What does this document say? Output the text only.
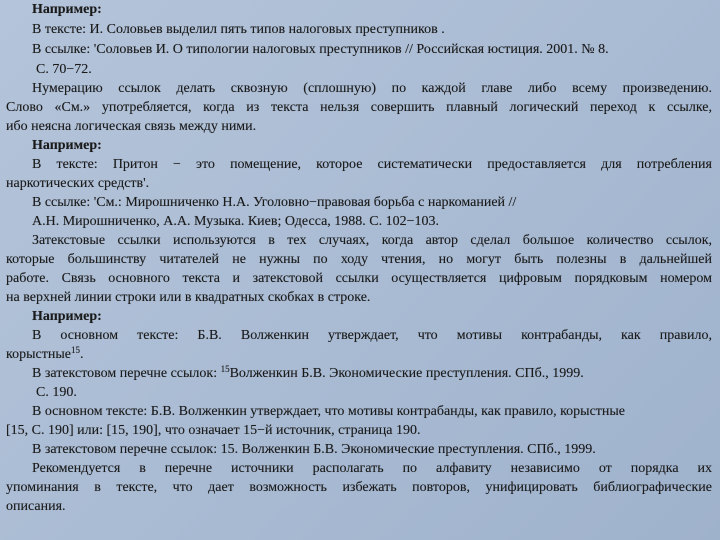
Например:
В тексте: И. Соловьев выделил пять типов налоговых преступников .
В ссылке: 'Соловьев И. О типологии налоговых преступников // Российская юстиция. 2001. № 8.
С. 70−72.
Нумерацию ссылок делать сквозную (сплошную) по каждой главе либо всему произведению.
Слово «См.» употребляется, когда из текста нельзя совершить плавный логический переход к ссылке,
ибо неясна логическая связь между ними.
Например:
В тексте: Притон − это помещение, которое систематически предоставляется для потребления
наркотических средств'.
В ссылке: 'См.: Мирошниченко Н.А. Уголовно−правовая борьба с наркоманией //
А.Н. Мирошниченко, А.А. Музыка. Киев; Одесса, 1988. С. 102−103.
Затекстовые ссылки используются в тех случаях, когда автор сделал большое количество ссылок,
которые большинству читателей не нужны по ходу чтения, но могут быть полезны в дальнейшей
работе. Связь основного текста и затекстовой ссылки осуществляется цифровым порядковым номером
на верхней линии строки или в квадратных скобках в строке.
Например:
В основном тексте: Б.В. Волженкин утверждает, что мотивы контрабанды, как правило,
корыстные$^{15}$.
В затекстовом перечне ссылок: $^{15}$Волженкин Б.В. Экономические преступления. СПб., 1999.
С. 190.
В основном тексте: Б.В. Волженкин утверждает, что мотивы контрабанды, как правило, корыстные
[15, С. 190] или: [15, 190], что означает 15−й источник, страница 190.
В затекстовом перечне ссылок: 15. Волженкин Б.В. Экономические преступления. СПб., 1999.
Рекомендуется в перечне источники располагать по алфавиту независимо от порядка их
упоминания в тексте, что дает возможность избежать повторов, унифицировать библиографические
описания.
